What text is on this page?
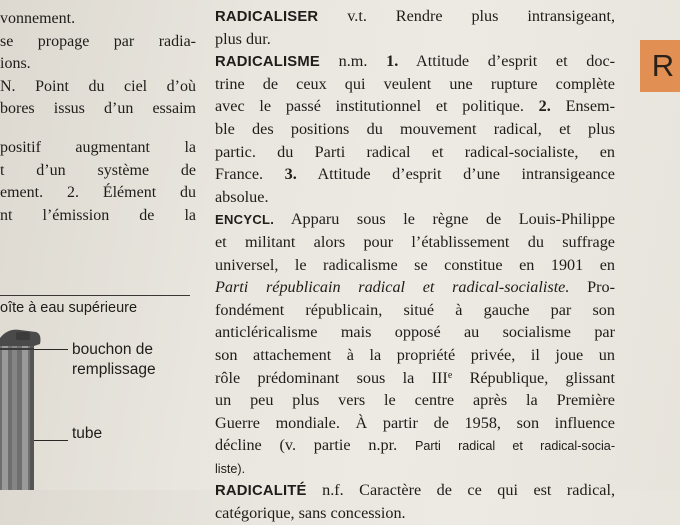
vonnement.
se propage par radia-
ions.
N. Point du ciel d’où
bores issus d’un essaim
positif augmentant la
t d’un système de
ement. 2. Élément du
nt l’émission de la
oîte à eau supérieure
bouchon de
remplissage
tube
RADICALISER v.t. Rendre plus intransigeant,
plus dur.
RADICALISME n.m. 1. Attitude d’esprit et doc-
trine de ceux qui veulent une rupture complète
avec le passé institutionnel et politique. 2. Ensem-
ble des positions du mouvement radical, et plus
partic. du Parti radical et radical-socialiste, en
France. 3. Attitude d’esprit d’une intransigeance
absolue.
ENCYCL. Apparu sous le règne de Louis-Philippe
et militant alors pour l’établissement du suffrage
universel, le radicalisme se constitue en 1901 en
Parti républicain radical et radical-socialiste. Pro-
fondément républicain, situé à gauche par son
anticléricalisme mais opposé au socialisme par
son attachement à la propriété privée, il joue un
rôle prédominant sous la IIIe République, glissant
un peu plus vers le centre après la Première
Guerre mondiale. À partir de 1958, son influence
décline (v. partie n.pr. Parti radical et radical-socia-
liste).
RADICALITÉ n.f. Caractère de ce qui est radical,
catégorique, sans concession.
R
